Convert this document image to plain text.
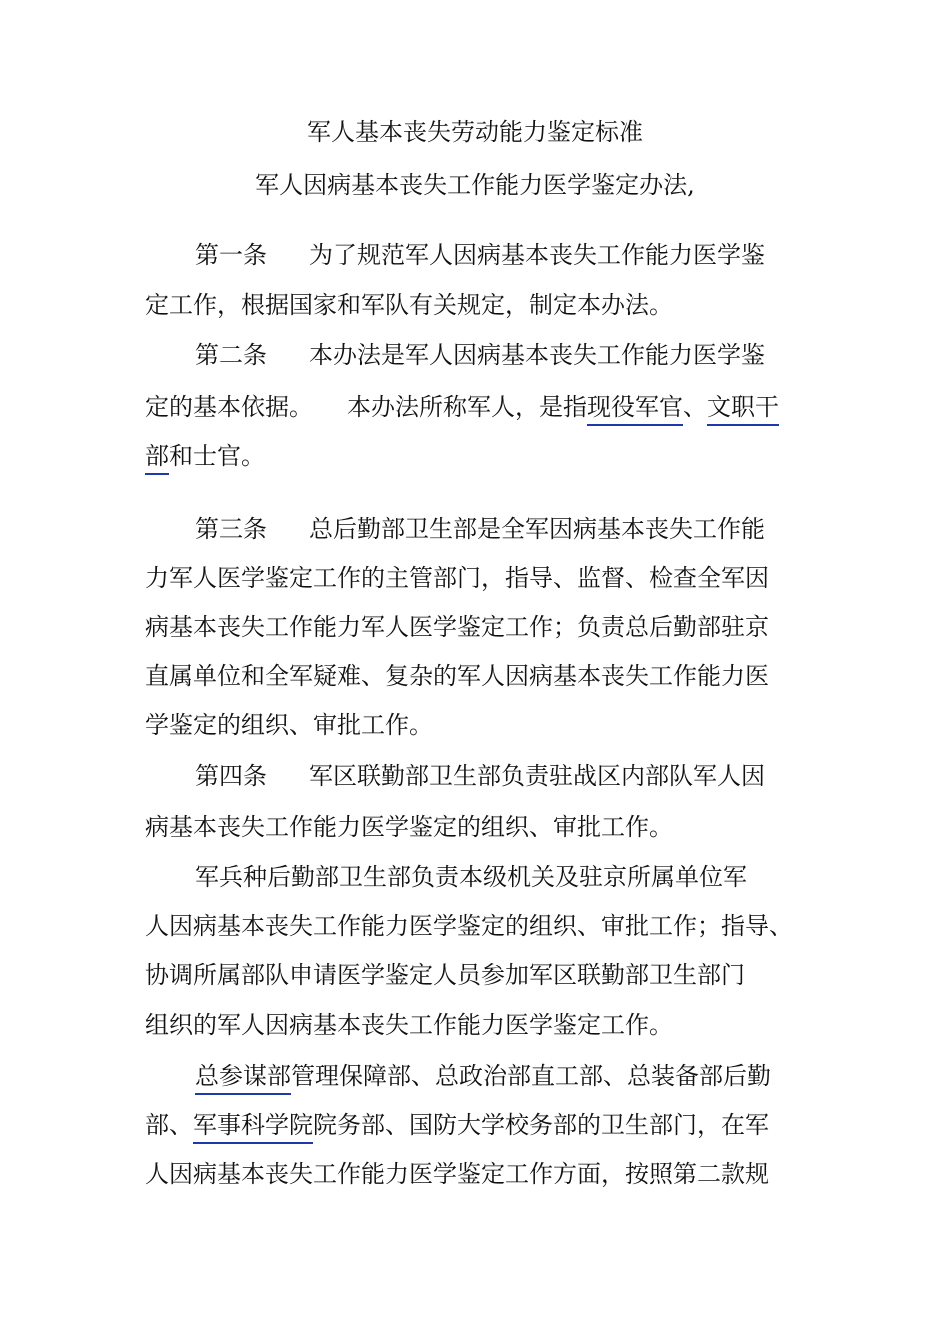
军人基本丧失劳动能力鉴定标准
军人因病基本丧失工作能力医学鉴定办法,
第一条 为了规范军人因病基本丧失工作能力医学鉴
定工作，根据国家和军队有关规定，制定本办法。
第二条 本办法是军人因病基本丧失工作能力医学鉴
定的基本依据。 本办法所称军人，是指现役军官、文职干
部和士官。
第三条 总后勤部卫生部是全军因病基本丧失工作能
力军人医学鉴定工作的主管部门，指导、监督、检查全军因
病基本丧失工作能力军人医学鉴定工作；负责总后勤部驻京
直属单位和全军疑难、复杂的军人因病基本丧失工作能力医
学鉴定的组织、审批工作。
第四条 军区联勤部卫生部负责驻战区内部队军人因
病基本丧失工作能力医学鉴定的组织、审批工作。
军兵种后勤部卫生部负责本级机关及驻京所属单位军
人因病基本丧失工作能力医学鉴定的组织、审批工作；指导、
协调所属部队申请医学鉴定人员参加军区联勤部卫生部门
组织的军人因病基本丧失工作能力医学鉴定工作。
总参谋部管理保障部、总政治部直工部、总装备部后勤
部、军事科学院院务部、国防大学校务部的卫生部门，在军
人因病基本丧失工作能力医学鉴定工作方面，按照第二款规
